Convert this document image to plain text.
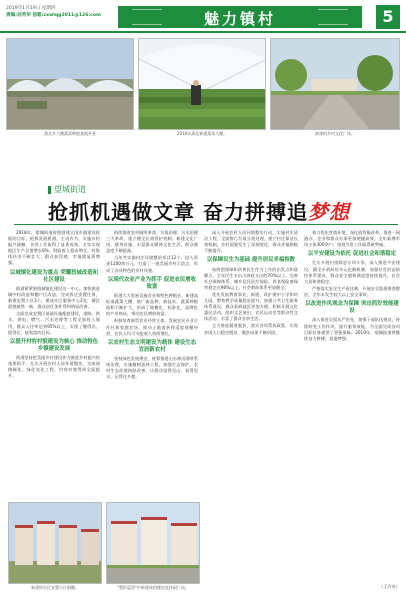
2019年1月19日 星期四
责编:刘英华 信箱:zxwlqg2011@126.com	魅力镇村	5
蒲北乡大棚蔬菜种植基地外景	2018年蒲北新建蔬菜大棚。	新建的乡村文化广场。
望城街道
抢抓机遇做文章 奋力拼搏追梦想

2018年，望城街道按照创建全国乡镇建设样板的目标，抢抓发展机遇，主动作为，实施乡村振兴战略，各项工作取得了显著成效。全年实现地区生产总值增长8%，财政收入稳步增长，村集体经济不断壮大，群众获得感、幸福感显著增强。

以城镇化建设为重点 荣耀扭城改造和社区建设

街道紧紧围绕城镇化建设这一中心，加快推进城中村改造和棚户区改造，完成拆迁安置任务，新建安置小区3个，建成社区服务中心2处，城区面貌焕然一新，群众居住条件得到明显改善。

全面完成安置区基础设施配套建设，道路、供水、供电、燃气、污水处理等工程全部投入使用，群众入住率达到95%以上，实现了搬得出、稳得住、能致富的目标。

以提升村容村貌建设为核心 推动特色乡镇建设发展

街道坚持把美丽乡村建设作为推进乡村振兴的重要抓手，扎实开展农村人居环境整治，完成道路硬化、绿化亮化工程，村容村貌得到全面提升。

持续推进农村厕所革命、垃圾治理、污水治理三大革命，建立健全长效管护机制。新建文化广场、健身设施，丰富群众精神文化生活，群众满意度不断提高。

当年共实施村庄环境整治项目12个，投入资金1200余万元，打造了一批美丽乡村示范点，形成了各具特色的乡村风貌。

以现代农业产业为抓手 促进农民增收致富

街道大力发展设施农业和特色种植业，新建高标准蔬菜大棚，推广新品种、新技术，蔬菜种植面积不断扩大，形成了规模化、标准化、品牌化的产业格局，带动农民增收致富。

积极培育新型农业经营主体，发展农民专业合作社和家庭农场，推动土地流转和适度规模经营，农民人均可支配收入持续增长。

以农村生态文明建设为载体 建设生态宜居新农村

坚持绿色发展理念，统筹推进山水林田湖草系统治理，实施植树造林工程，加强生态保护，农村生态环境持续改善，让群众望得见山、看得见水、记得住乡愁。

深入开展农村人居环境整治行动，实施村庄清洁工程，全面推行垃圾分类处理，建立村庄保洁长效机制，农村面貌发生了深刻变化，群众幸福指数不断提升。

以保障民生为基础 提升居民幸福指数

始终把保障和改善民生作为工作的出发点和落脚点，全年民生支出占财政支出的70%以上。完善社会保障体系，城乡居民医疗保险、养老保险参保率稳定在98%以上，社会救助体系更加健全。

优先发展教育事业，新建、改扩建中小学和幼儿园，教育教学质量稳步提升。加强公共卫生服务体系建设，群众看病就医更加方便。积极开展文化惠民活动，组织文艺演出、农民运动会等群众性文体活动，丰富了群众业余生活。

全力推进精准脱贫，落实各项帮扶政策，实现贫困人口稳定脱贫，脱贫成果不断巩固。

着力优化营商环境，深化放管服改革，推进一网通办，企业和群众办事更加便捷高效。全年新增市场主体300余户，招商引资工作取得新突破。

以平安建设为依托 促进社会和谐稳定

扎实开展扫黑除恶专项斗争，深入推进平安建设，健全矛盾纠纷多元化解机制，加强社会治安防控体系建设，群众安全感和满意度持续提升，社会大局和谐稳定。

严格落实安全生产责任制，开展安全隐患排查整治，全年未发生较大以上安全事故。

以改进作风观念为保障 突出抓好效能建设

深入推进全面从严治党，加强干部队伍建设，持续转变工作作风，提升服务效能，为全面完成各项目标任务提供了坚强保障。2019年，望城街道将继续奋力拼搏，追逐梦想。

（王方舟）
新建的东区安置小区俯瞰。	"塑形蓝图"中新建成的楼房及休闲广场。
